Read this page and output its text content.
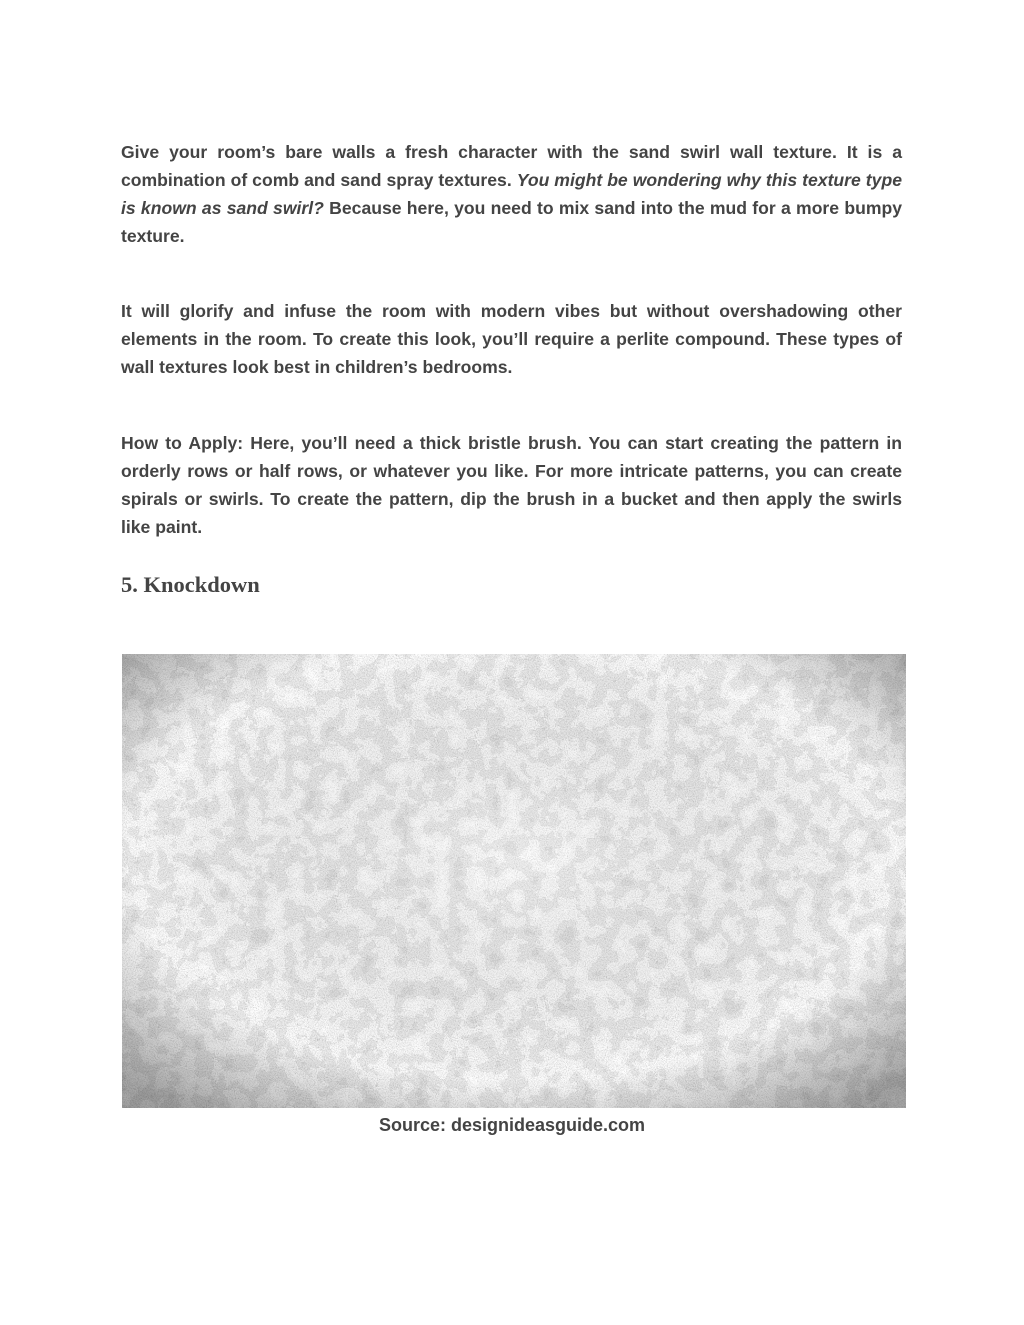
Give your room’s bare walls a fresh character with the sand swirl wall texture. It is a combination of comb and sand spray textures. You might be wondering why this texture type is known as sand swirl? Because here, you need to mix sand into the mud for a more bumpy texture.

It will glorify and infuse the room with modern vibes but without overshadowing other elements in the room. To create this look, you’ll require a perlite compound. These types of wall textures look best in children’s bedrooms.

How to Apply: Here, you’ll need a thick bristle brush. You can start creating the pattern in orderly rows or half rows, or whatever you like. For more intricate patterns, you can create spirals or swirls. To create the pattern, dip the brush in a bucket and then apply the swirls like paint.

5. Knockdown
Source: designideasguide.com
